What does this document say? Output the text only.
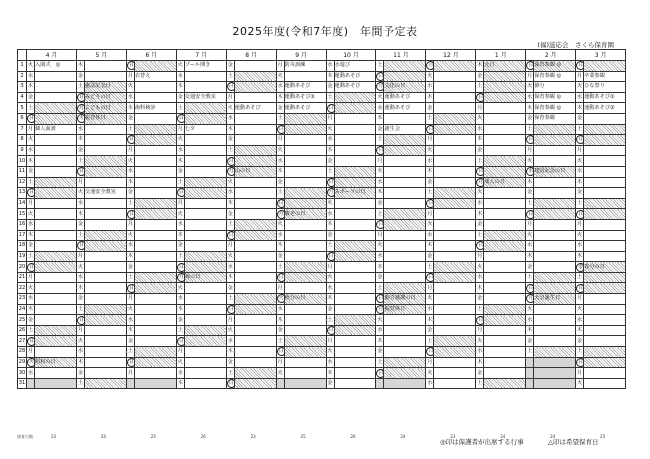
2025年度(令和7年度)　年間予定表
(福)滋応会　さくら保育園
	4 月		5 月		6 月		7 月		8 月		9 月		10 月		11 月		12 月		1 月		2 月		3 月	
1	火	入園式　◎	木		日		火	プール開き	金		月	防災訓練	水	水遊び	土		月		木	元日	日	保育参観 ◎	日	
2	水		金		月	衣替え	水		土		火		木	運動あそび	日		火		金		月	保育参観 ◎	月	卒業参観
3	木		土	憲法記念日	火		木		日		水	運動あそび	金	運動あそび	月	文化の日	水		土		火	節分	火	ひな祭り
4	金		日	みどりの日	水		金	交通安全教室	月		木	運動あそび①	土		火	運動あそび	木		日		水	保育参観 ◎	水	運動あそび①
5	土		月	こどもの日	木	歯科検診	土		火	運動あそび	金	運動あそび	日		水	運動あそび	金		月		木	保育参観 ◎	木	運動あそび②
6	日		火	振替休日	金		日		水		土		月		木		土		火		金	保育参観	金	
7	月	個人面談	水		土		月	七夕	木		日		火		金	誕生会	日		水		土		土	
8	火		木		日		火		金		月		水		土		月		木		日		日	
9	水		金		月		水		土		火		木		日		火		金		月		月	
10	木		土		火		木		日		水		金		月		水		土		火		火	
11	金		日		水		金		月	山の日	木		土		火		木		日		水	建国記念の日	水	
12	土		月		木		土		火		金		日		水		金		月	成人の日	木		木	
13	日		火	交通安全教室	金		日		水		土		月	スポーツの日	木		土		火		金		金	
14	月		水		土		月		木		日		火		金		日		水		土		土	
15	火		木		日		火		金		月	敬老の日	水		土		月		木		日		日	
16	水		金		月		水		土		火		木		日		火		金		月		月	
17	木		土		火		木		日		水		金		月		水		土		火		火	
18	金		日		水		金		月		木		土		火		木		日		水		水	
19	土		月		木		土		火		金		日		水		金		月		木		木	
20	日		火		金		日		水		土		月		木		土		火		金		金	春分の日
21	月		水		土		月	海の日	木		日		火		金		日		水		土		土	
22	火		木		日		火		金		月		水		土		月		木		日		日	
23	水		金		月		水		土		火	秋分の日	木		日	勤労感謝の日	火		金		月	天皇誕生日	月	
24	木		土		火		木		日		水		金		月	振替休日	水		土		火		火	
25	金		日		水		金		月		木		土		火		木		日		水		水	
26	土		月		木		土		火		金		日		水		金		月		木		木	
27	日		火		金		日		水		土		月		木		土		火		金		金	
28	月		水		土		月		木		日		火		金		日		水		土		土	
29	火	昭和の日	木		日		火		金		月		水		土		月		木				日	
30	水		金		月		水		土		火		木		日		火		金				月	
31			土				木		日				金				水		土				火	
保育日数	23	24	25	26	23	25	26	24	23	24	24	25
◎印は保護者が出席する行事	△印は希望保育日
